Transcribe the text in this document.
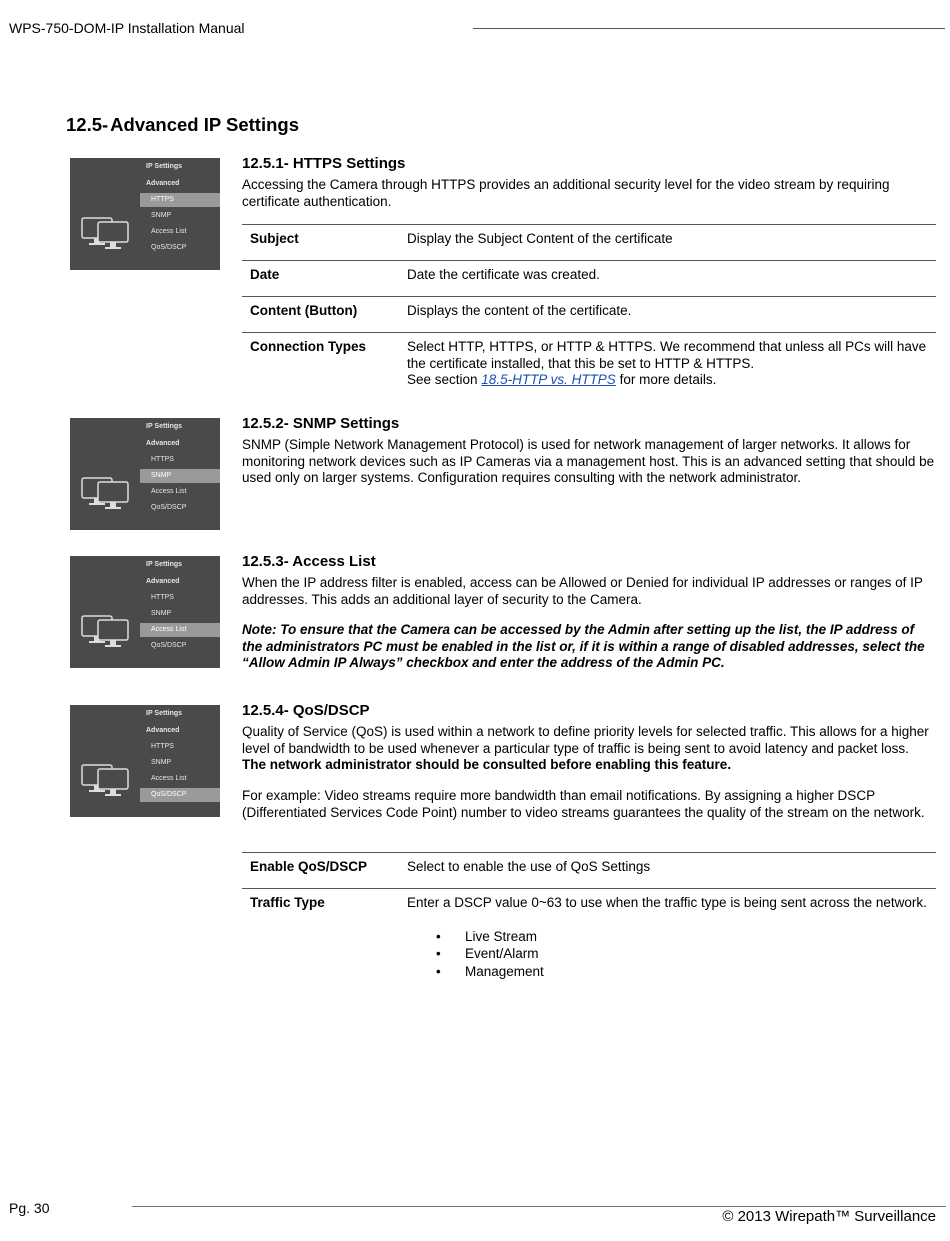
WPS-750-DOM-IP Installation Manual
12.5- Advanced IP Settings
IP Settings
Advanced
HTTPS
SNMP
Access List
QoS/DSCP
IP Settings
Advanced
HTTPS
SNMP
Access List
QoS/DSCP
IP Settings
Advanced
HTTPS
SNMP
Access List
QoS/DSCP
IP Settings
Advanced
HTTPS
SNMP
Access List
QoS/DSCP
12.5.1- HTTPS Settings
Accessing the Camera through HTTPS provides an additional security level for the video stream by requiring certificate authentication.
Subject	Display the Subject Content of the certificate
Date	Date the certificate was created.
Content (Button)	Displays the content of the certificate.
Connection Types	Select HTTP, HTTPS, or HTTP & HTTPS. We recommend that unless all PCs will have the certificate installed, that this be set to HTTP & HTTPS.
See section 18.5-HTTP vs. HTTPS for more details.
12.5.2- SNMP Settings
SNMP (Simple Network Management Protocol) is used for network management of larger networks. It allows for monitoring network devices such as IP Cameras via a management host. This is an advanced setting that should be used only on larger systems. Configuration requires consulting with the network administrator.
12.5.3- Access List
When the IP address filter is enabled, access can be Allowed or Denied for individual IP addresses or ranges of IP addresses. This adds an additional layer of security to the Camera.
Note: To ensure that the Camera can be accessed by the Admin after setting up the list, the IP address of the administrators PC must be enabled in the list or, if it is within a range of disabled addresses, select the “Allow Admin IP Always” checkbox and enter the address of the Admin PC.
12.5.4- QoS/DSCP
Quality of Service (QoS) is used within a network to define priority levels for selected traffic. This allows for a higher level of bandwidth to be used whenever a particular type of traffic is being sent to avoid latency and packet loss. The network administrator should be consulted before enabling this feature.
For example: Video streams require more bandwidth than email notifications. By assigning a higher DSCP (Differentiated Services Code Point) number to video streams guarantees the quality of the stream on the network.
Enable QoS/DSCP	Select to enable the use of QoS Settings
Traffic Type	Enter a DSCP value 0~63 to use when the traffic type is being sent across the network.
• Live Stream
• Event/Alarm
• Management
Pg. 30	© 2013 Wirepath™ Surveillance
